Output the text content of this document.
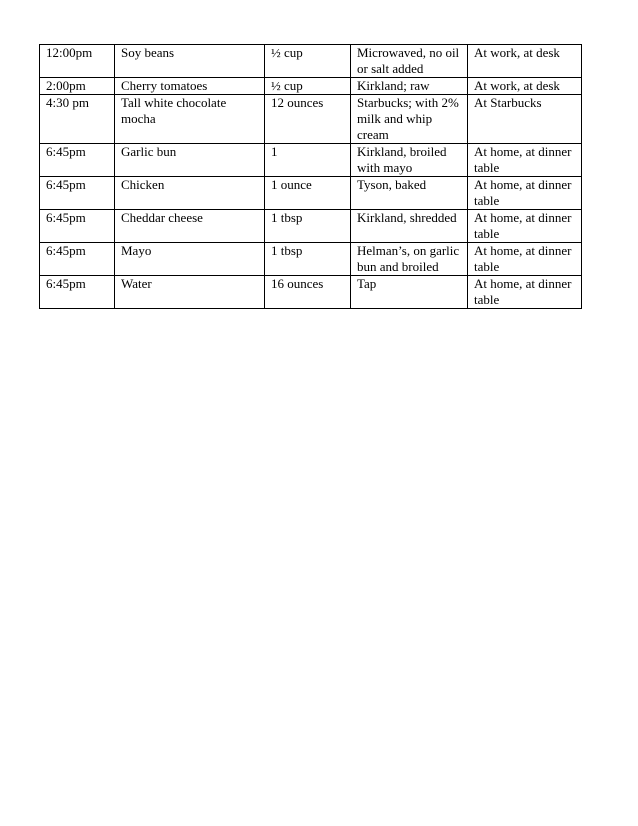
12:00pm	Soy beans	½ cup	Microwaved, no oil or salt added	At work, at desk
2:00pm	Cherry tomatoes	½ cup	Kirkland; raw	At work, at desk
4:30 pm	Tall white chocolate mocha	12 ounces	Starbucks; with 2% milk and whip cream	At Starbucks
6:45pm	Garlic bun	1	Kirkland, broiled with mayo	At home, at dinner table
6:45pm	Chicken	1 ounce	Tyson, baked	At home, at dinner table
6:45pm	Cheddar cheese	1 tbsp	Kirkland, shredded	At home, at dinner table
6:45pm	Mayo	1 tbsp	Helman’s, on garlic bun and broiled	At home, at dinner table
6:45pm	Water	16 ounces	Tap	At home, at dinner table
